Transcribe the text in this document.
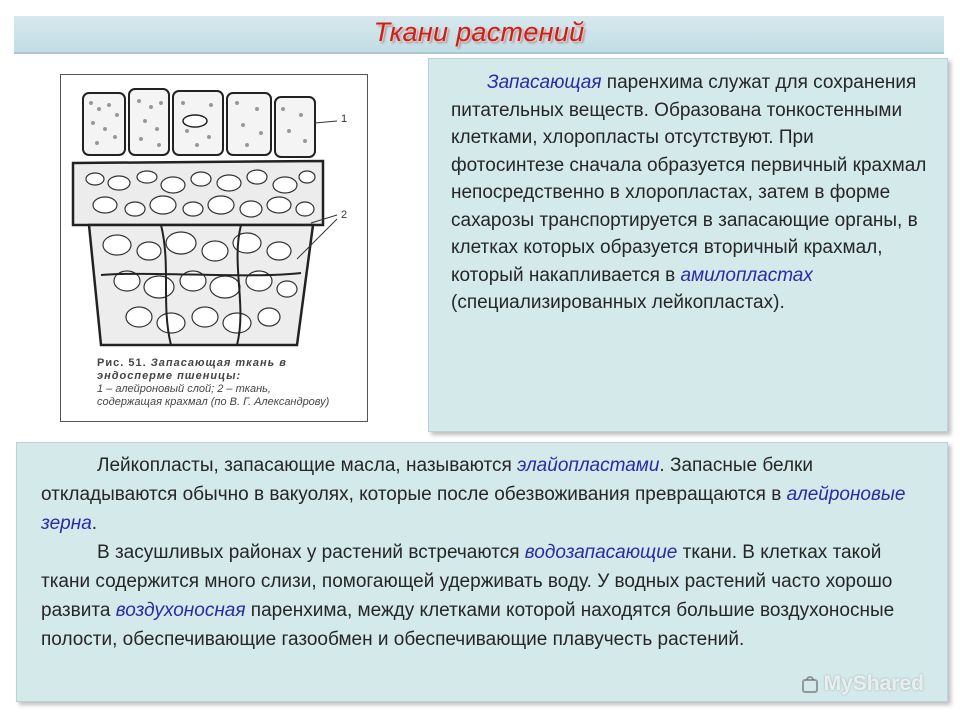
Ткани растений
1
2
Рис. 51. Запасающая ткань в эндосперме пшеницы:
1 – алейроновый слой; 2 – ткань, содержащая крахмал (по В. Г. Александрову)

Запасающая паренхима служат для сохранения питательных веществ. Образована тонкостенными клетками, хлоропласты отсутствуют. При фотосинтезе сначала образуется первичный крахмал непосредственно в хлоропластах, затем в форме сахарозы транспортируется в запасающие органы, в клетках которых образуется вторичный крахмал, который накапливается в амилопластах (специализированных лейкопластах).

Лейкопласты, запасающие масла, называются элайопластами. Запасные белки откладываются обычно в вакуолях, которые после обезвоживания превращаются в алейроновые зерна.

В засушливых районах у растений встречаются водозапасающие ткани. В клетках такой ткани содержится много слизи, помогающей удерживать воду. У водных растений часто хорошо развита воздухоносная паренхима, между клетками которой находятся большие воздухоносные полости, обеспечивающие газообмен и обеспечивающие плавучесть растений.

MyShared
